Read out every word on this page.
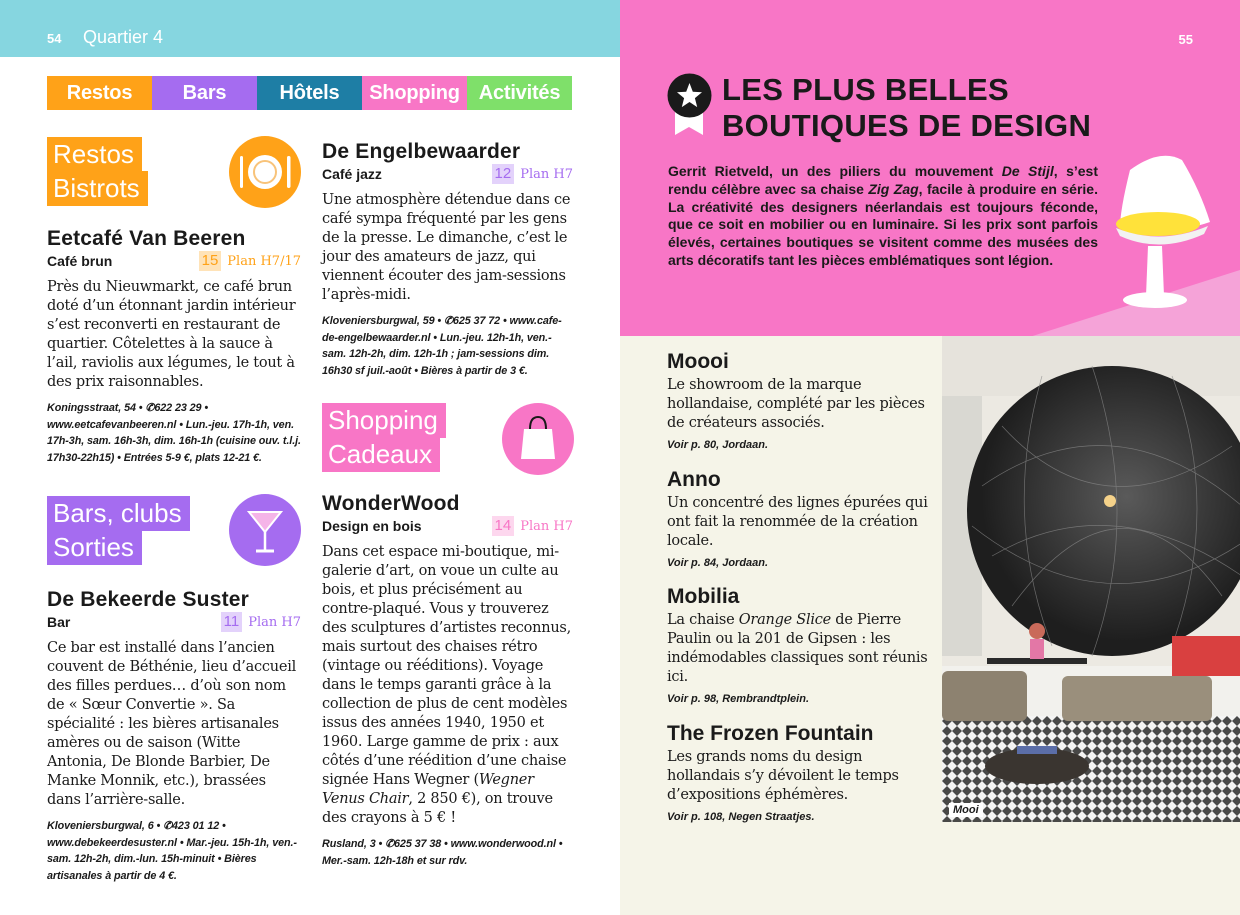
54 Quartier 4
Restos	Bars	Hôtels	Shopping Activités
Restos
Bistrots
Eetcafé Van Beeren
Café brun	15 Plan H7/17
Près du Nieuwmarkt, ce café brun doté d’un étonnant jardin intérieur s’est reconverti en restaurant de quartier. Côtelettes à la sauce à l’ail, raviolis aux légumes, le tout à des prix raisonnables.
Koningsstraat, 54 • ✆622 23 29 • www.eetcafevanbeeren.nl • Lun.-jeu. 17h-1h, ven. 17h-3h, sam. 16h-3h, dim. 16h-1h (cuisine ouv. t.l.j. 17h30-22h15) • Entrées 5-9 €, plats 12-21 €.
Bars, clubs
Sorties
De Bekeerde Suster
Bar	11 Plan H7
Ce bar est installé dans l’ancien couvent de Béthénie, lieu d’accueil des filles perdues… d’où son nom de « Sœur Convertie ». Sa spécialité : les bières artisanales amères ou de saison (Witte Antonia, De Blonde Barbier, De Manke Monnik, etc.), brassées dans l’arrière-salle.
Kloveniersburgwal, 6 • ✆423 01 12 • www.debekeerdesuster.nl • Mar.-jeu. 15h-1h, ven.-sam. 12h-2h, dim.-lun. 15h-minuit • Bières artisanales à partir de 4 €.
De Engelbewaarder
Café jazz	12 Plan H7
Une atmosphère détendue dans ce café sympa fréquenté par les gens de la presse. Le dimanche, c’est le jour des amateurs de jazz, qui viennent écouter des jam-sessions l’après-midi.
Kloveniersburgwal, 59 • ✆625 37 72 • www.cafe-de-engelbewaarder.nl • Lun.-jeu. 12h-1h, ven.-sam. 12h-2h, dim. 12h-1h ; jam-sessions dim. 16h30 sf juil.-août • Bières à partir de 3 €.
Shopping
Cadeaux
WonderWood
Design en bois	14 Plan H7
Dans cet espace mi-boutique, mi-galerie d’art, on voue un culte au bois, et plus précisément au contre-plaqué. Vous y trouverez des sculptures d’artistes reconnus, mais surtout des chaises rétro (vintage ou rééditions). Voyage dans le temps garanti grâce à la collection de plus de cent modèles issus des années 1940, 1950 et 1960. Large gamme de prix : aux côtés d’une réédition d’une chaise signée Hans Wegner (Wegner Venus Chair, 2 850 €), on trouve des crayons à 5 € !
Rusland, 3 • ✆625 37 38 • www.wonderwood.nl • Mer.-sam. 12h-18h et sur rdv.
55
LES PLUS BELLES
BOUTIQUES DE DESIGN
Gerrit Rietveld, un des piliers du mouvement De Stijl, s’est rendu célèbre avec sa chaise Zig Zag, facile à produire en série. La créativité des designers néerlandais est toujours féconde, que ce soit en mobilier ou en luminaire. Si les prix sont parfois élevés, certaines boutiques se visitent comme des musées des arts décoratifs tant les pièces emblématiques sont légion.
Moooi
Le showroom de la marque hollandaise, complété par les pièces de créateurs associés.
Voir p. 80, Jordaan.
Anno
Un concentré des lignes épurées qui ont fait la renommée de la création locale.
Voir p. 84, Jordaan.
Mobilia
La chaise Orange Slice de Pierre Paulin ou la 201 de Gipsen : les indémodables classiques sont réunis ici.
Voir p. 98, Rembrandtplein.
The Frozen Fountain
Les grands noms du design hollandais s’y dévoilent le temps d’expositions éphémères.
Voir p. 108, Negen Straatjes.
Mooi
